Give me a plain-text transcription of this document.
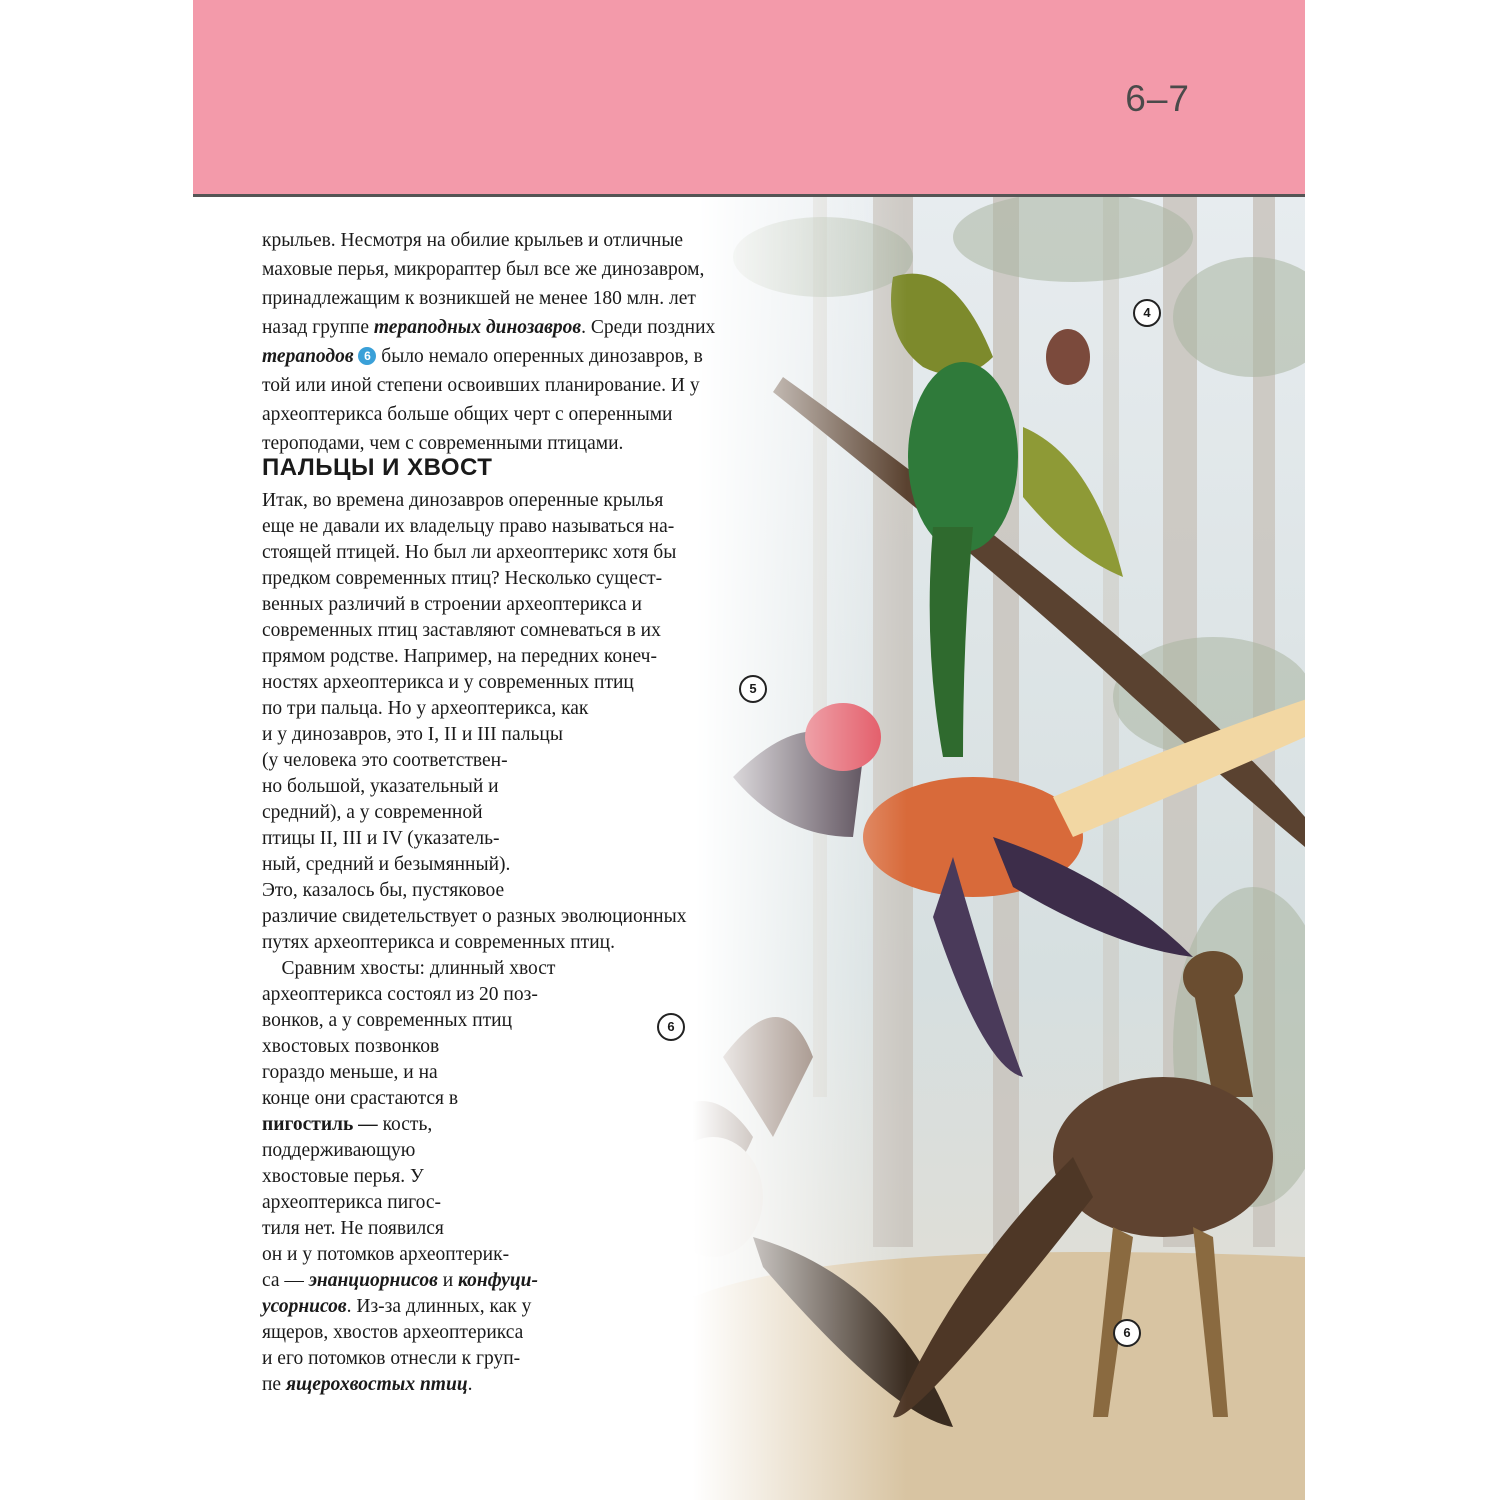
6–7
4
5
6
6
крыльев. Несмотря на обилие крыльев и отличные
маховые перья, микрораптер был все же динозавром,
принадлежащим к возникшей не менее 180 млн. лет
назад группе терaподных динозавров. Среди поздних
терaподов 6 было немало оперенных динозавров, в
той или иной степени освоивших планирование. И у
археоптерикса больше общих черт с оперенными
тероподами, чем с современными птицами.
ПАЛЬЦЫ И ХВОСТ
Итак, во времена динозавров оперенные крылья
еще не давали их владельцу право называться на-
стоящей птицей. Но был ли археоптерикс хотя бы
предком современных птиц? Несколько сущест-
венных различий в строении археоптерикса и
современных птиц заставляют сомневаться в их
прямом родстве. Например, на передних конеч-
ностях археоптерикса и у современных птиц
по три пальца. Но у археоптерикса, как
и у динозавров, это I, II и III пальцы
(у человека это соответствен-
но большой, указательный и
средний), а у современной
птицы II, III и IV (указатель-
ный, средний и безымянный).
Это, казалось бы, пустяковое
различие свидетельствует о разных эволюционных
путях археоптерикса и современных птиц.
Сравним хвосты: длинный хвост
археоптерикса состоял из 20 поз-
вонков, а у современных птиц
хвостовых позвонков
гораздо меньше, и на
конце они срастаются в
пигостиль — кость,
поддерживающую
хвостовые перья. У
археоптерикса пигос-
тиля нет. Не появился
он и у потомков археоптерик-
са — энанциорнисов и конфуци-
усорнисов. Из-за длинных, как у
ящеров, хвостов археоптерикса
и его потомков отнесли к груп-
пе ящерохвостых птиц.
